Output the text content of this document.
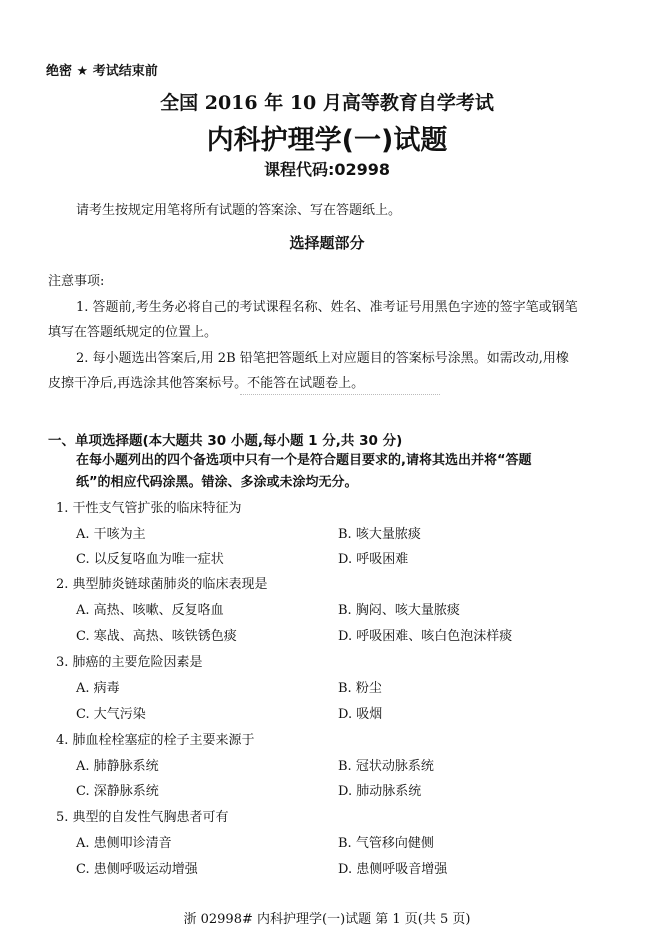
绝密 ★ 考试结束前
全国 2016 年 10 月高等教育自学考试
内科护理学(一)试题
课程代码:02998
请考生按规定用笔将所有试题的答案涂、写在答题纸上。
选择题部分
注意事项:
1. 答题前,考生务必将自己的考试课程名称、姓名、准考证号用黑色字迹的签字笔或钢笔
填写在答题纸规定的位置上。
2. 每小题选出答案后,用 2B 铅笔把答题纸上对应题目的答案标号涂黑。如需改动,用橡
皮擦干净后,再选涂其他答案标号。不能答在试题卷上。
一、单项选择题(本大题共 30 小题,每小题 1 分,共 30 分)
在每小题列出的四个备选项中只有一个是符合题目要求的,请将其选出并将“答题
纸”的相应代码涂黑。错涂、多涂或未涂均无分。
1. 干性支气管扩张的临床特征为
A. 干咳为主	B. 咳大量脓痰
C. 以反复咯血为唯一症状	D. 呼吸困难
2. 典型肺炎链球菌肺炎的临床表现是
A. 高热、咳嗽、反复咯血	B. 胸闷、咳大量脓痰
C. 寒战、高热、咳铁锈色痰	D. 呼吸困难、咳白色泡沫样痰
3. 肺癌的主要危险因素是
A. 病毒	B. 粉尘
C. 大气污染	D. 吸烟
4. 肺血栓栓塞症的栓子主要来源于
A. 肺静脉系统	B. 冠状动脉系统
C. 深静脉系统	D. 肺动脉系统
5. 典型的自发性气胸患者可有
A. 患侧叩诊清音	B. 气管移向健侧
C. 患侧呼吸运动增强	D. 患侧呼吸音增强
浙 02998# 内科护理学(一)试题 第 1 页(共 5 页)
